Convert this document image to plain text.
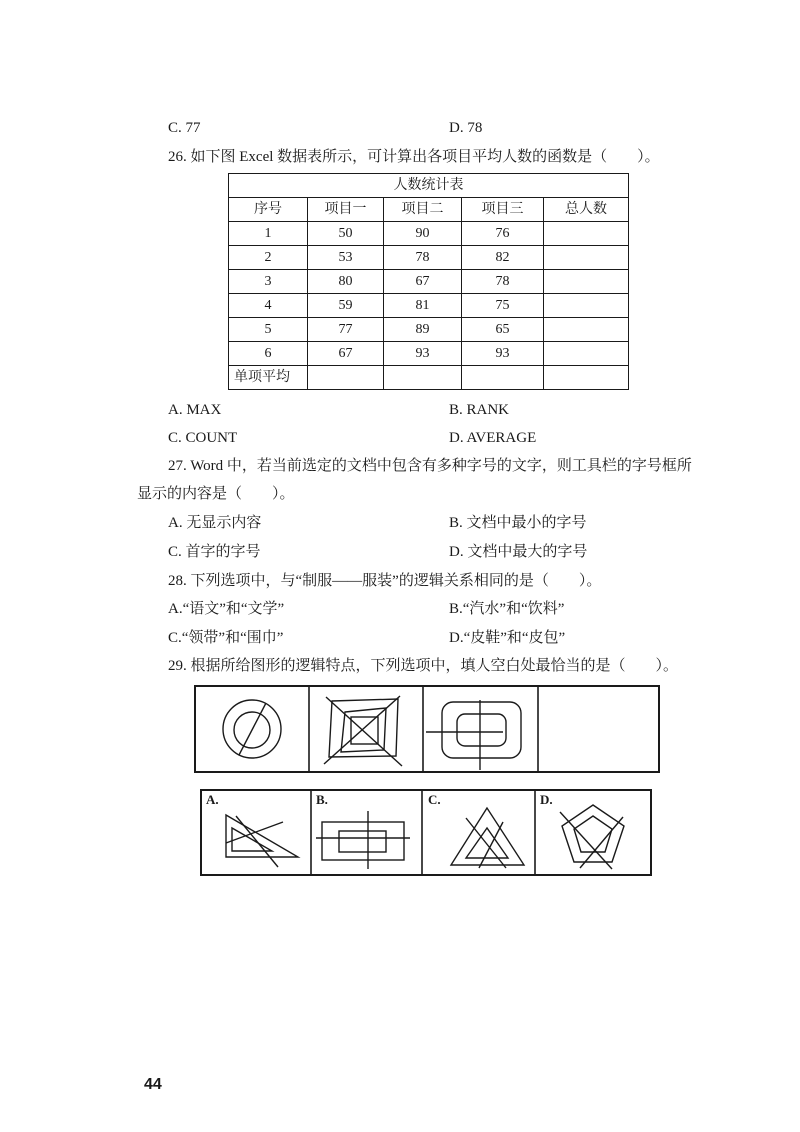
C. 77	D. 78
26. 如下图 Excel 数据表所示，可计算出各项目平均人数的函数是（　　）。
人数统计表				
序号	项目一	项目二	项目三	总人数
1	50	90	76	
2	53	78	82	
3	80	67	78	
4	59	81	75	
5	77	89	65	
6	67	93	93	
单项平均				
A. MAX	B. RANK
C. COUNT	D. AVERAGE
27. Word 中，若当前选定的文档中包含有多种字号的文字，则工具栏的字号框所
显示的内容是（　　）。
A. 无显示内容	B. 文档中最小的字号
C. 首字的字号	D. 文档中最大的字号
28. 下列选项中，与“制服——服装”的逻辑关系相同的是（　　）。
A.“语文”和“文学”	B.“汽水”和“饮料”
C.“领带”和“围巾”	D.“皮鞋”和“皮包”
29. 根据所给图形的逻辑特点，下列选项中，填人空白处最恰当的是（　　）。
A.	B.	C.	D.
44
